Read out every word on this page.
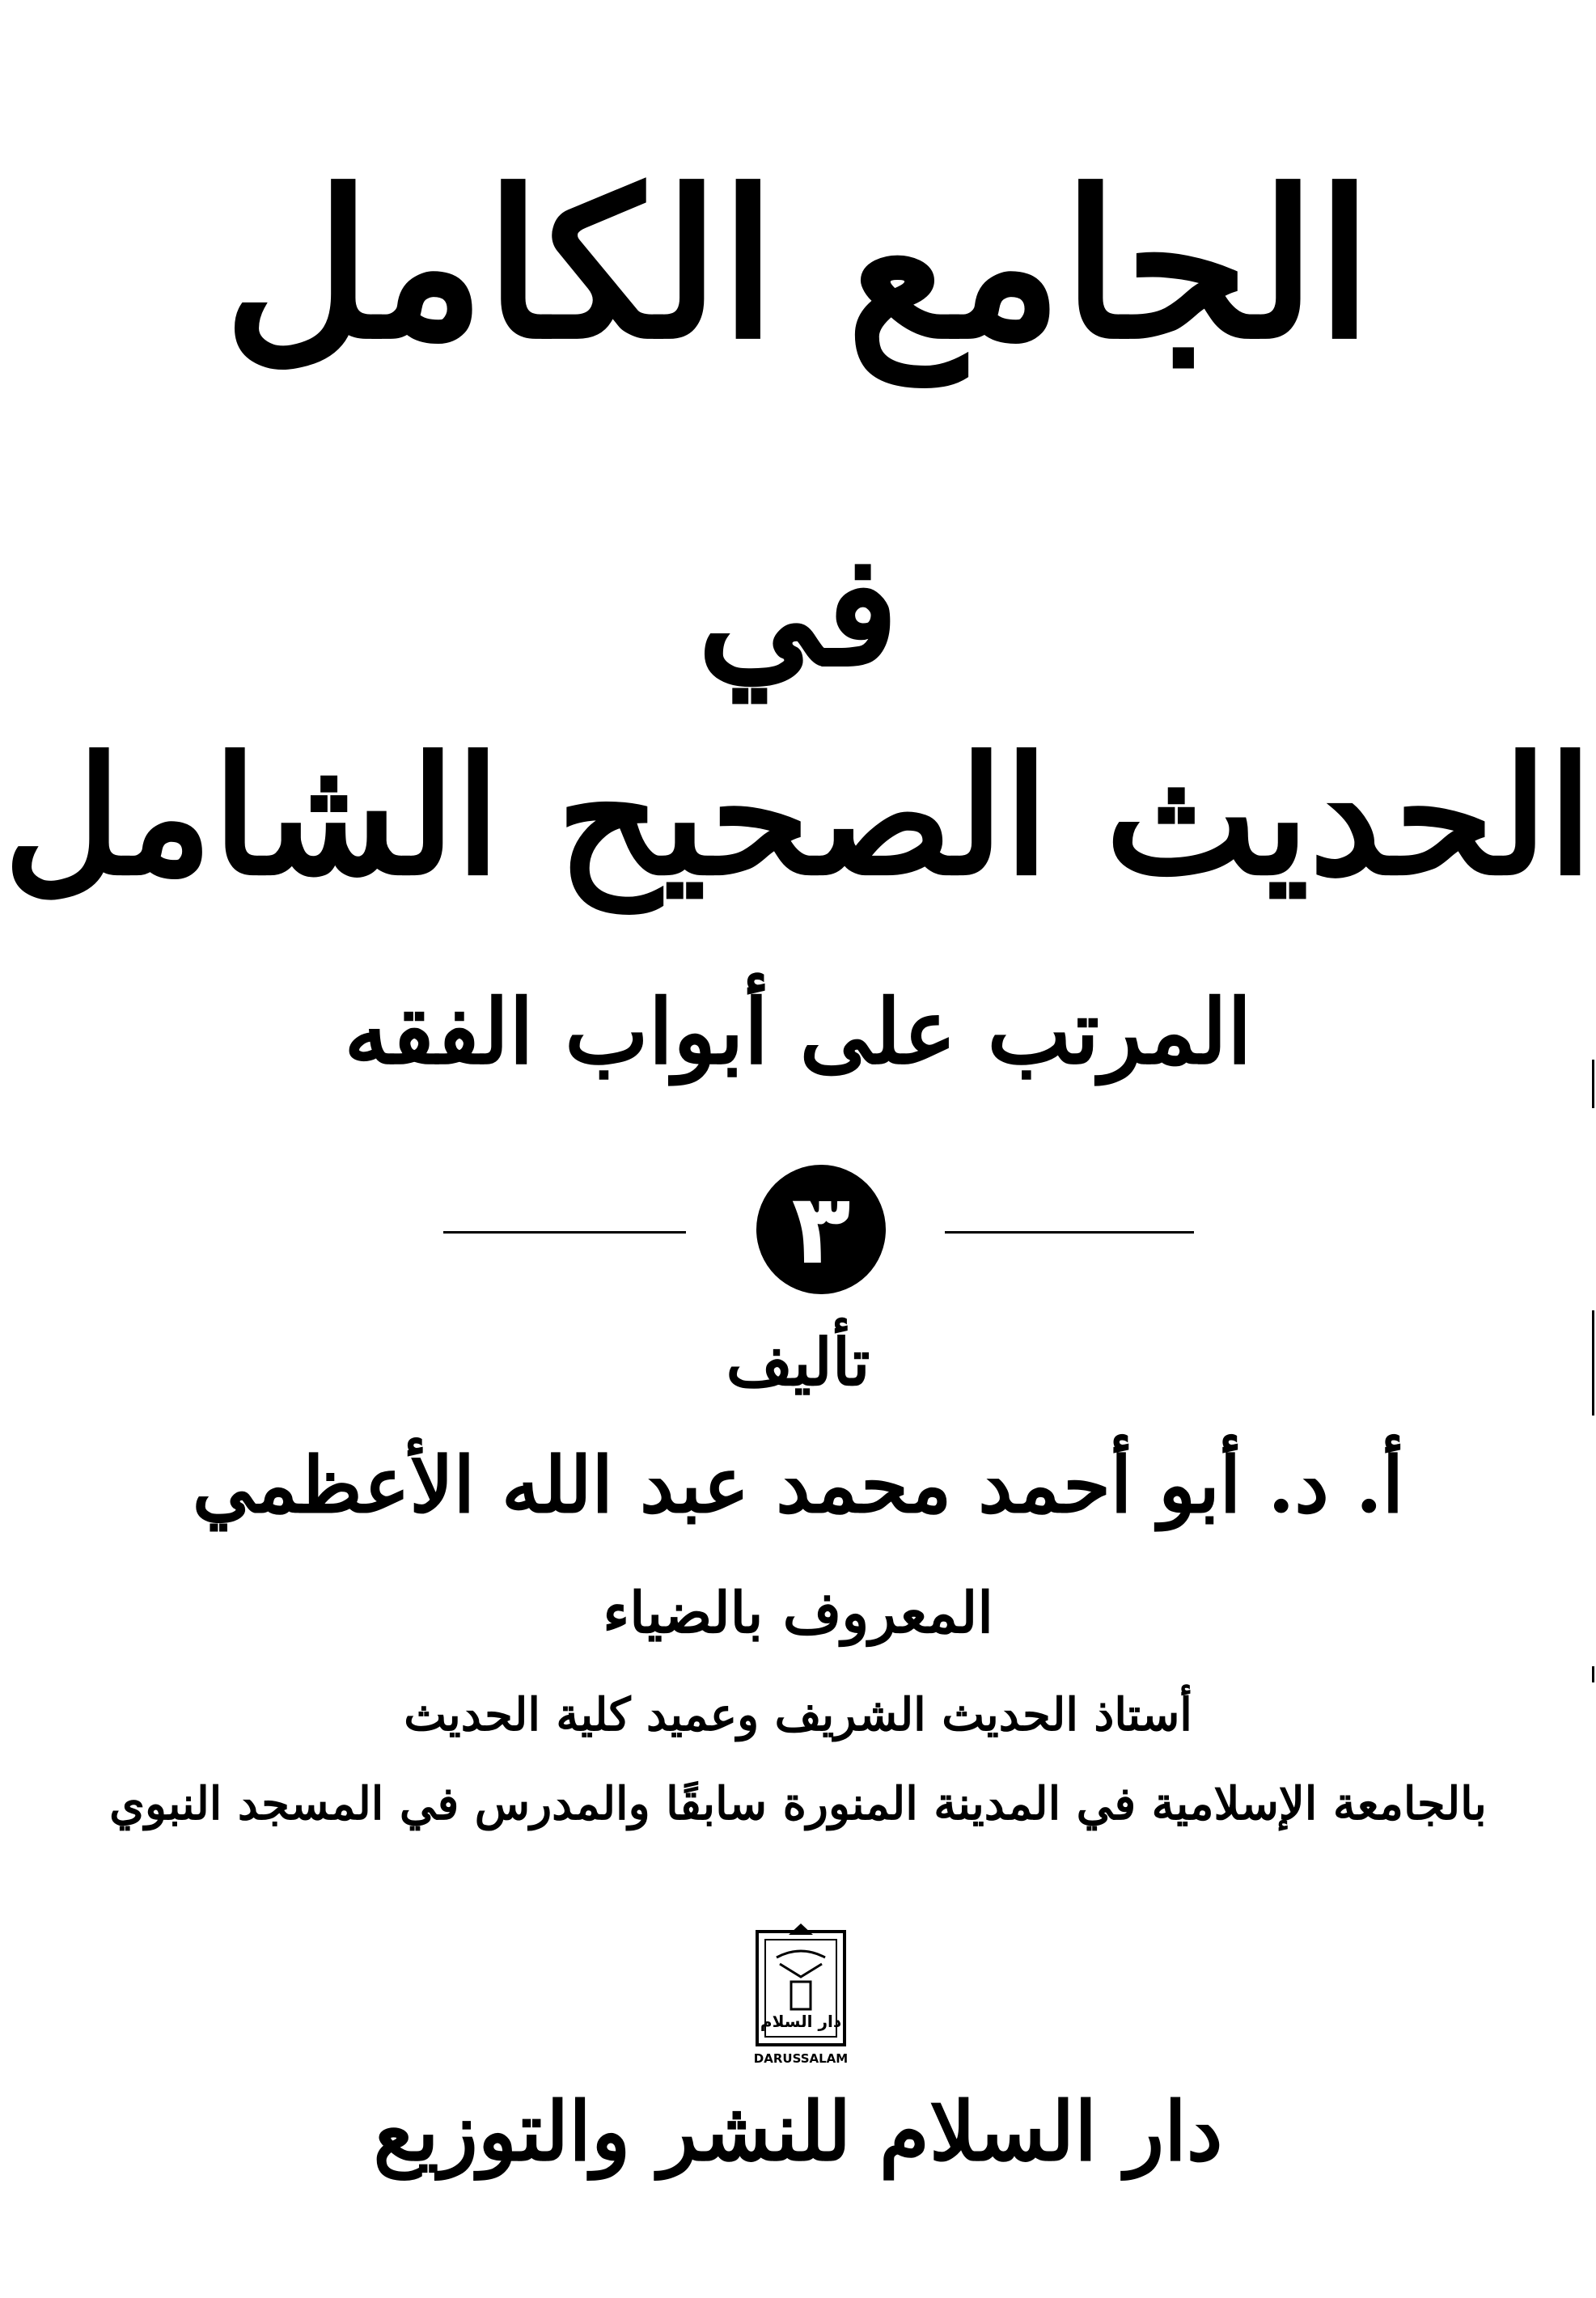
الجامع الكامل
في
الحديث الصحيح الشامل
المرتب على أبواب الفقه
٣
تأليف
أ. د. أبو أحمد محمد عبد الله الأعظمي
المعروف بالضياء
أستاذ الحديث الشريف وعميد كلية الحديث
بالجامعة الإسلامية في المدينة المنورة سابقًا والمدرس في المسجد النبوي
دار السلام
DARUSSALAM
دار السلام للنشر والتوزيع
